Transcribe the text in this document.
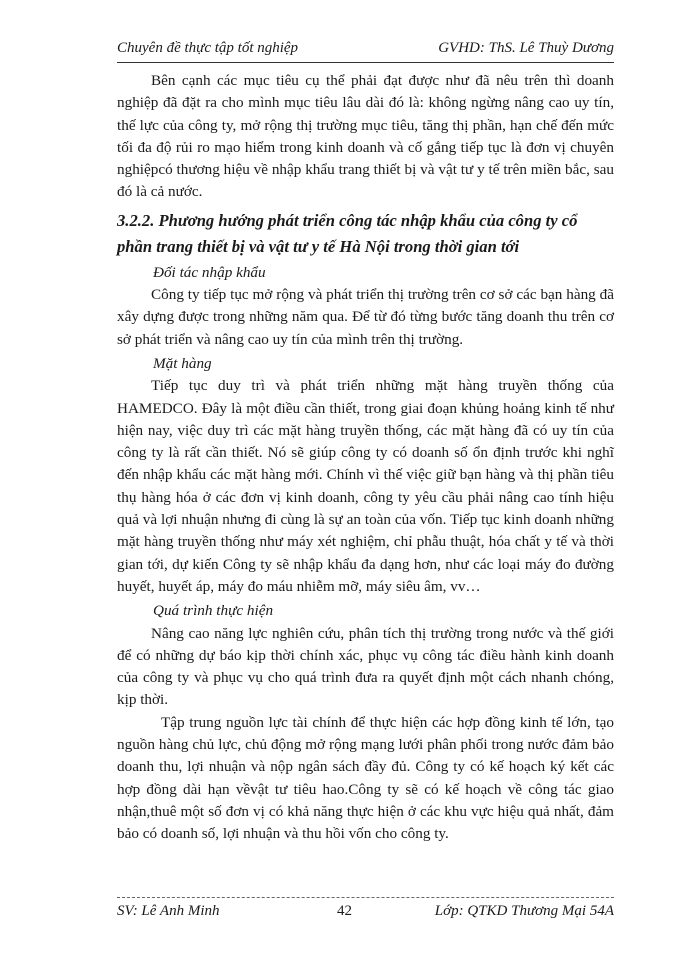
Chuyên đề thực tập tốt nghiệp	GVHD: ThS. Lê Thuỳ Dương

Bên cạnh các mục tiêu cụ thể phải đạt được như đã nêu trên thì doanh nghiệp đã đặt ra cho mình mục tiêu lâu dài đó là: không ngừng nâng cao uy tín, thế lực của công ty, mở rộng thị trường mục tiêu, tăng thị phần, hạn chế đến mức tối đa độ rủi ro mạo hiểm trong kinh doanh và cố gắng tiếp tục là đơn vị chuyên nghiệpcó thương hiệu về nhập khẩu trang thiết bị và vật tư y tế trên miền bắc, sau đó là cả nước.

3.2.2. Phương hướng phát triển công tác nhập khẩu của công ty cổ phần trang thiết bị và vật tư y tế Hà Nội trong thời gian tới

Đối tác nhập khẩu

Công ty tiếp tục mở rộng và phát triển thị trường trên cơ sở các bạn hàng đã xây dựng được trong những năm qua. Để từ đó từng bước tăng doanh thu trên cơ sở phát triển và nâng cao uy tín của mình trên thị trường.

Mặt hàng

Tiếp tục duy trì và phát triển những mặt hàng truyền thống của HAMEDCO. Đây là một điều cần thiết, trong giai đoạn khủng hoảng kinh tế như hiện nay, việc duy trì các mặt hàng truyền thống, các mặt hàng đã có uy tín của công ty là rất cần thiết. Nó sẽ giúp công ty có doanh số ổn định trước khi nghĩ đến nhập khẩu các mặt hàng mới. Chính vì thế việc giữ bạn hàng và thị phần tiêu thụ hàng hóa ở các đơn vị kinh doanh, công ty yêu cầu phải nâng cao tính hiệu quả và lợi nhuận nhưng đi cùng là sự an toàn của vốn. Tiếp tục kinh doanh những mặt hàng truyền thống như máy xét nghiệm, chỉ phẫu thuật, hóa chất y tế và thời gian tới, dự kiến Công ty sẽ nhập khẩu đa dạng hơn, như các loại máy đo đường huyết, huyết áp, máy đo máu nhiễm mỡ, máy siêu âm, vv…

Quá trình thực hiện

Nâng cao năng lực nghiên cứu, phân tích thị trường trong nước và thế giới để có những dự báo kịp thời chính xác, phục vụ công tác điều hành kinh doanh của công ty và phục vụ cho quá trình đưa ra quyết định một cách nhanh chóng, kịp thời.

Tập trung nguồn lực tài chính để thực hiện các hợp đồng kinh tế lớn, tạo nguồn hàng chủ lực, chủ động mở rộng mạng lưới phân phối trong nước đảm bảo doanh thu, lợi nhuận và nộp ngân sách đầy đủ. Công ty có kế hoạch ký kết các hợp đồng dài hạn vềvật tư tiêu hao.Công ty sẽ có kế hoạch về công tác giao nhận,thuê một số đơn vị có khả năng thực hiện ở các khu vực hiệu quả nhất, đảm bảo có doanh số, lợi nhuận và thu hồi vốn cho công ty.

SV: Lê Anh Minh	42	Lớp: QTKD Thương Mại 54A
